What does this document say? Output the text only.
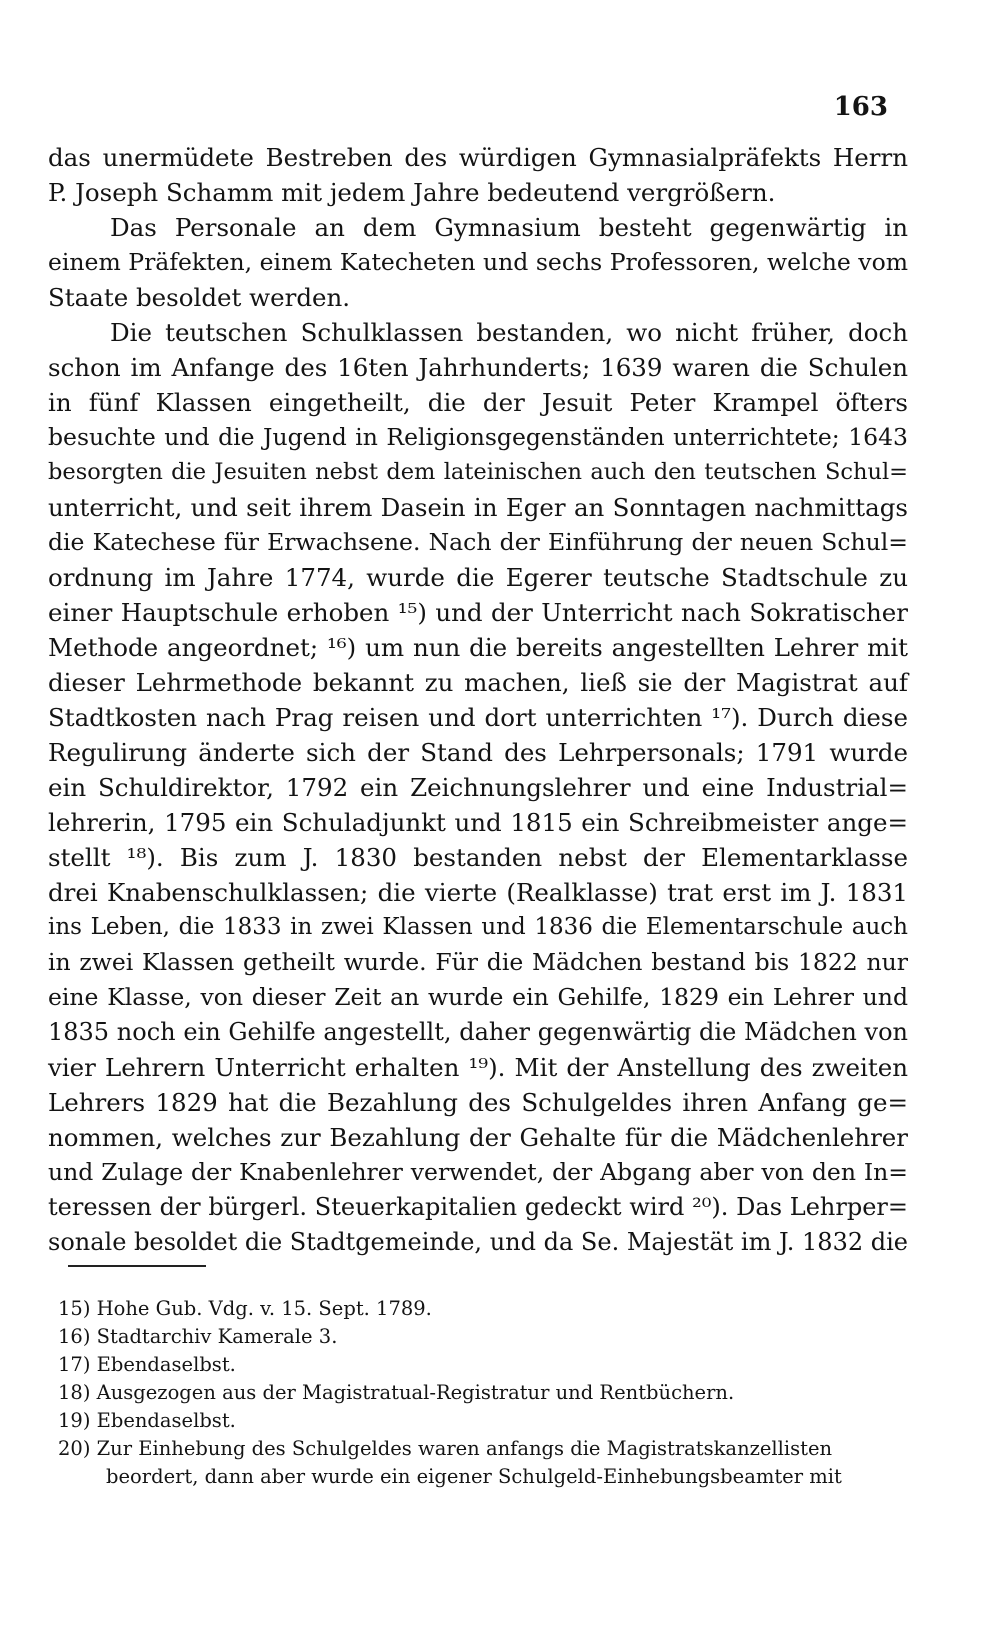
163
das unermüdete Bestreben des würdigen Gymnasialpräfekts Herrn
P. Joseph Schamm mit jedem Jahre bedeutend vergrößern.
Das Personale an dem Gymnasium besteht gegenwärtig in
einem Präfekten, einem Katecheten und sechs Professoren, welche vom
Staate besoldet werden.
Die teutschen Schulklassen bestanden, wo nicht früher, doch
schon im Anfange des 16ten Jahrhunderts; 1639 waren die Schulen
in fünf Klassen eingetheilt, die der Jesuit Peter Krampel öfters
besuchte und die Jugend in Religionsgegenständen unterrichtete; 1643
besorgten die Jesuiten nebst dem lateinischen auch den teutschen Schul=
unterricht, und seit ihrem Dasein in Eger an Sonntagen nachmittags
die Katechese für Erwachsene. Nach der Einführung der neuen Schul=
ordnung im Jahre 1774, wurde die Egerer teutsche Stadtschule zu
einer Hauptschule erhoben ¹⁵) und der Unterricht nach Sokratischer
Methode angeordnet; ¹⁶) um nun die bereits angestellten Lehrer mit
dieser Lehrmethode bekannt zu machen, ließ sie der Magistrat auf
Stadtkosten nach Prag reisen und dort unterrichten ¹⁷). Durch diese
Regulirung änderte sich der Stand des Lehrpersonals; 1791 wurde
ein Schuldirektor, 1792 ein Zeichnungslehrer und eine Industrial=
lehrerin, 1795 ein Schuladjunkt und 1815 ein Schreibmeister ange=
stellt ¹⁸). Bis zum J. 1830 bestanden nebst der Elementarklasse
drei Knabenschulklassen; die vierte (Realklasse) trat erst im J. 1831
ins Leben, die 1833 in zwei Klassen und 1836 die Elementarschule auch
in zwei Klassen getheilt wurde. Für die Mädchen bestand bis 1822 nur
eine Klasse, von dieser Zeit an wurde ein Gehilfe, 1829 ein Lehrer und
1835 noch ein Gehilfe angestellt, daher gegenwärtig die Mädchen von
vier Lehrern Unterricht erhalten ¹⁹). Mit der Anstellung des zweiten
Lehrers 1829 hat die Bezahlung des Schulgeldes ihren Anfang ge=
nommen, welches zur Bezahlung der Gehalte für die Mädchenlehrer
und Zulage der Knabenlehrer verwendet, der Abgang aber von den In=
teressen der bürgerl. Steuerkapitalien gedeckt wird ²⁰). Das Lehrper=
sonale besoldet die Stadtgemeinde, und da Se. Majestät im J. 1832 die
15) Hohe Gub. Vdg. v. 15. Sept. 1789.
16) Stadtarchiv Kamerale 3.
17) Ebendaselbst.
18) Ausgezogen aus der Magistratual-Registratur und Rentbüchern.
19) Ebendaselbst.
20) Zur Einhebung des Schulgeldes waren anfangs die Magistratskanzellisten
beordert, dann aber wurde ein eigener Schulgeld-Einhebungsbeamter mit
